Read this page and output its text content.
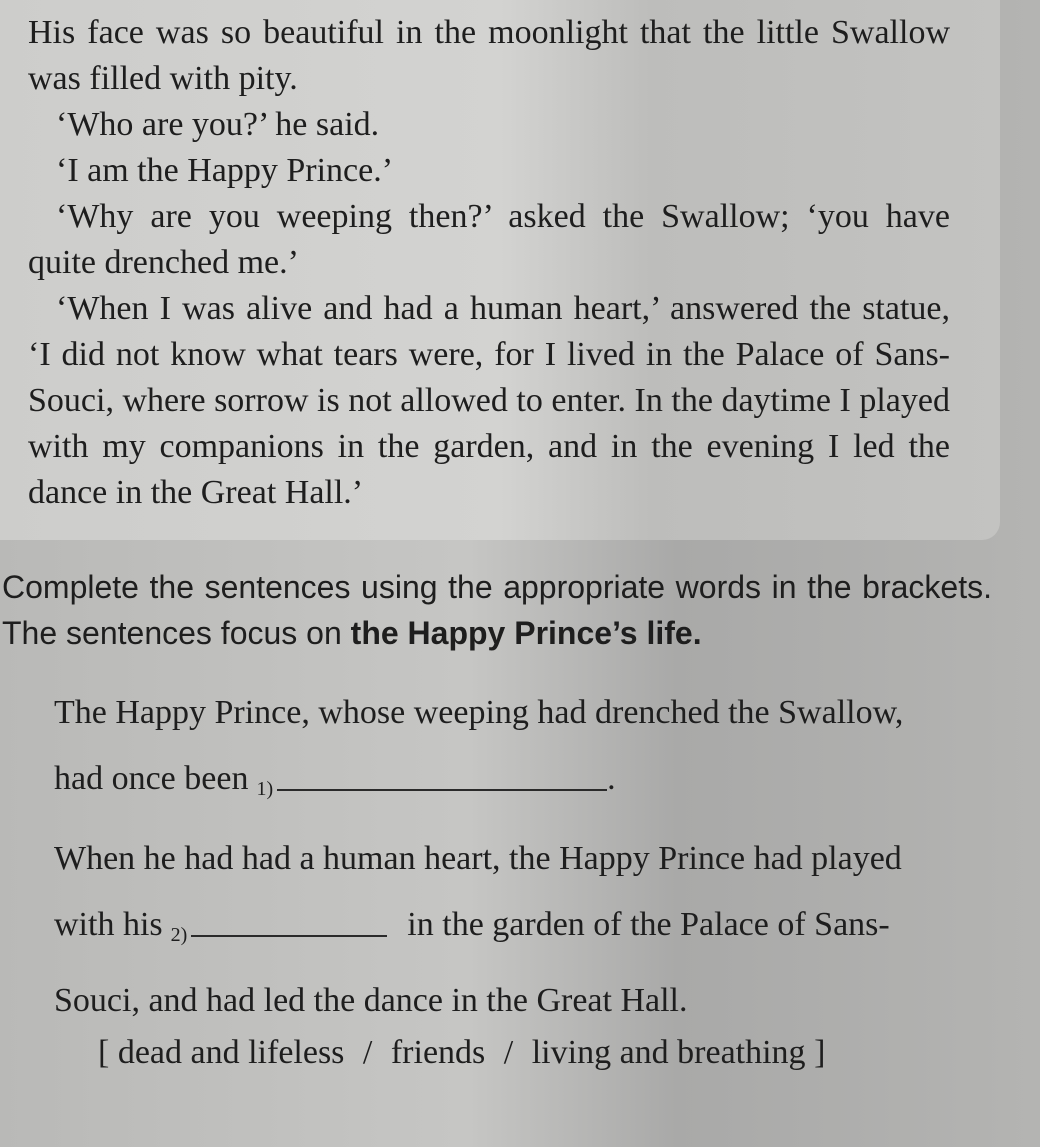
His face was so beautiful in the moonlight that the little Swallow was filled with pity.

‘Who are you?’ he said.

‘I am the Happy Prince.’

‘Why are you weeping then?’ asked the Swallow; ‘you have quite drenched me.’

‘When I was alive and had a human heart,’ answered the statue, ‘I did not know what tears were, for I lived in the Palace of Sans-Souci, where sorrow is not allowed to enter. In the daytime I played with my companions in the garden, and in the evening I led the dance in the Great Hall.’

Complete the sentences using the appropriate words in the brackets. The sentences focus on the Happy Prince’s life.

The Happy Prince, whose weeping had drenched the Swallow,
had once been 1)	.
When he had had a human heart, the Happy Prince had played
with his 2)	in the garden of the Palace of Sans-
Souci, and had led the dance in the Great Hall.
[ dead and lifeless / friends / living and breathing ]
